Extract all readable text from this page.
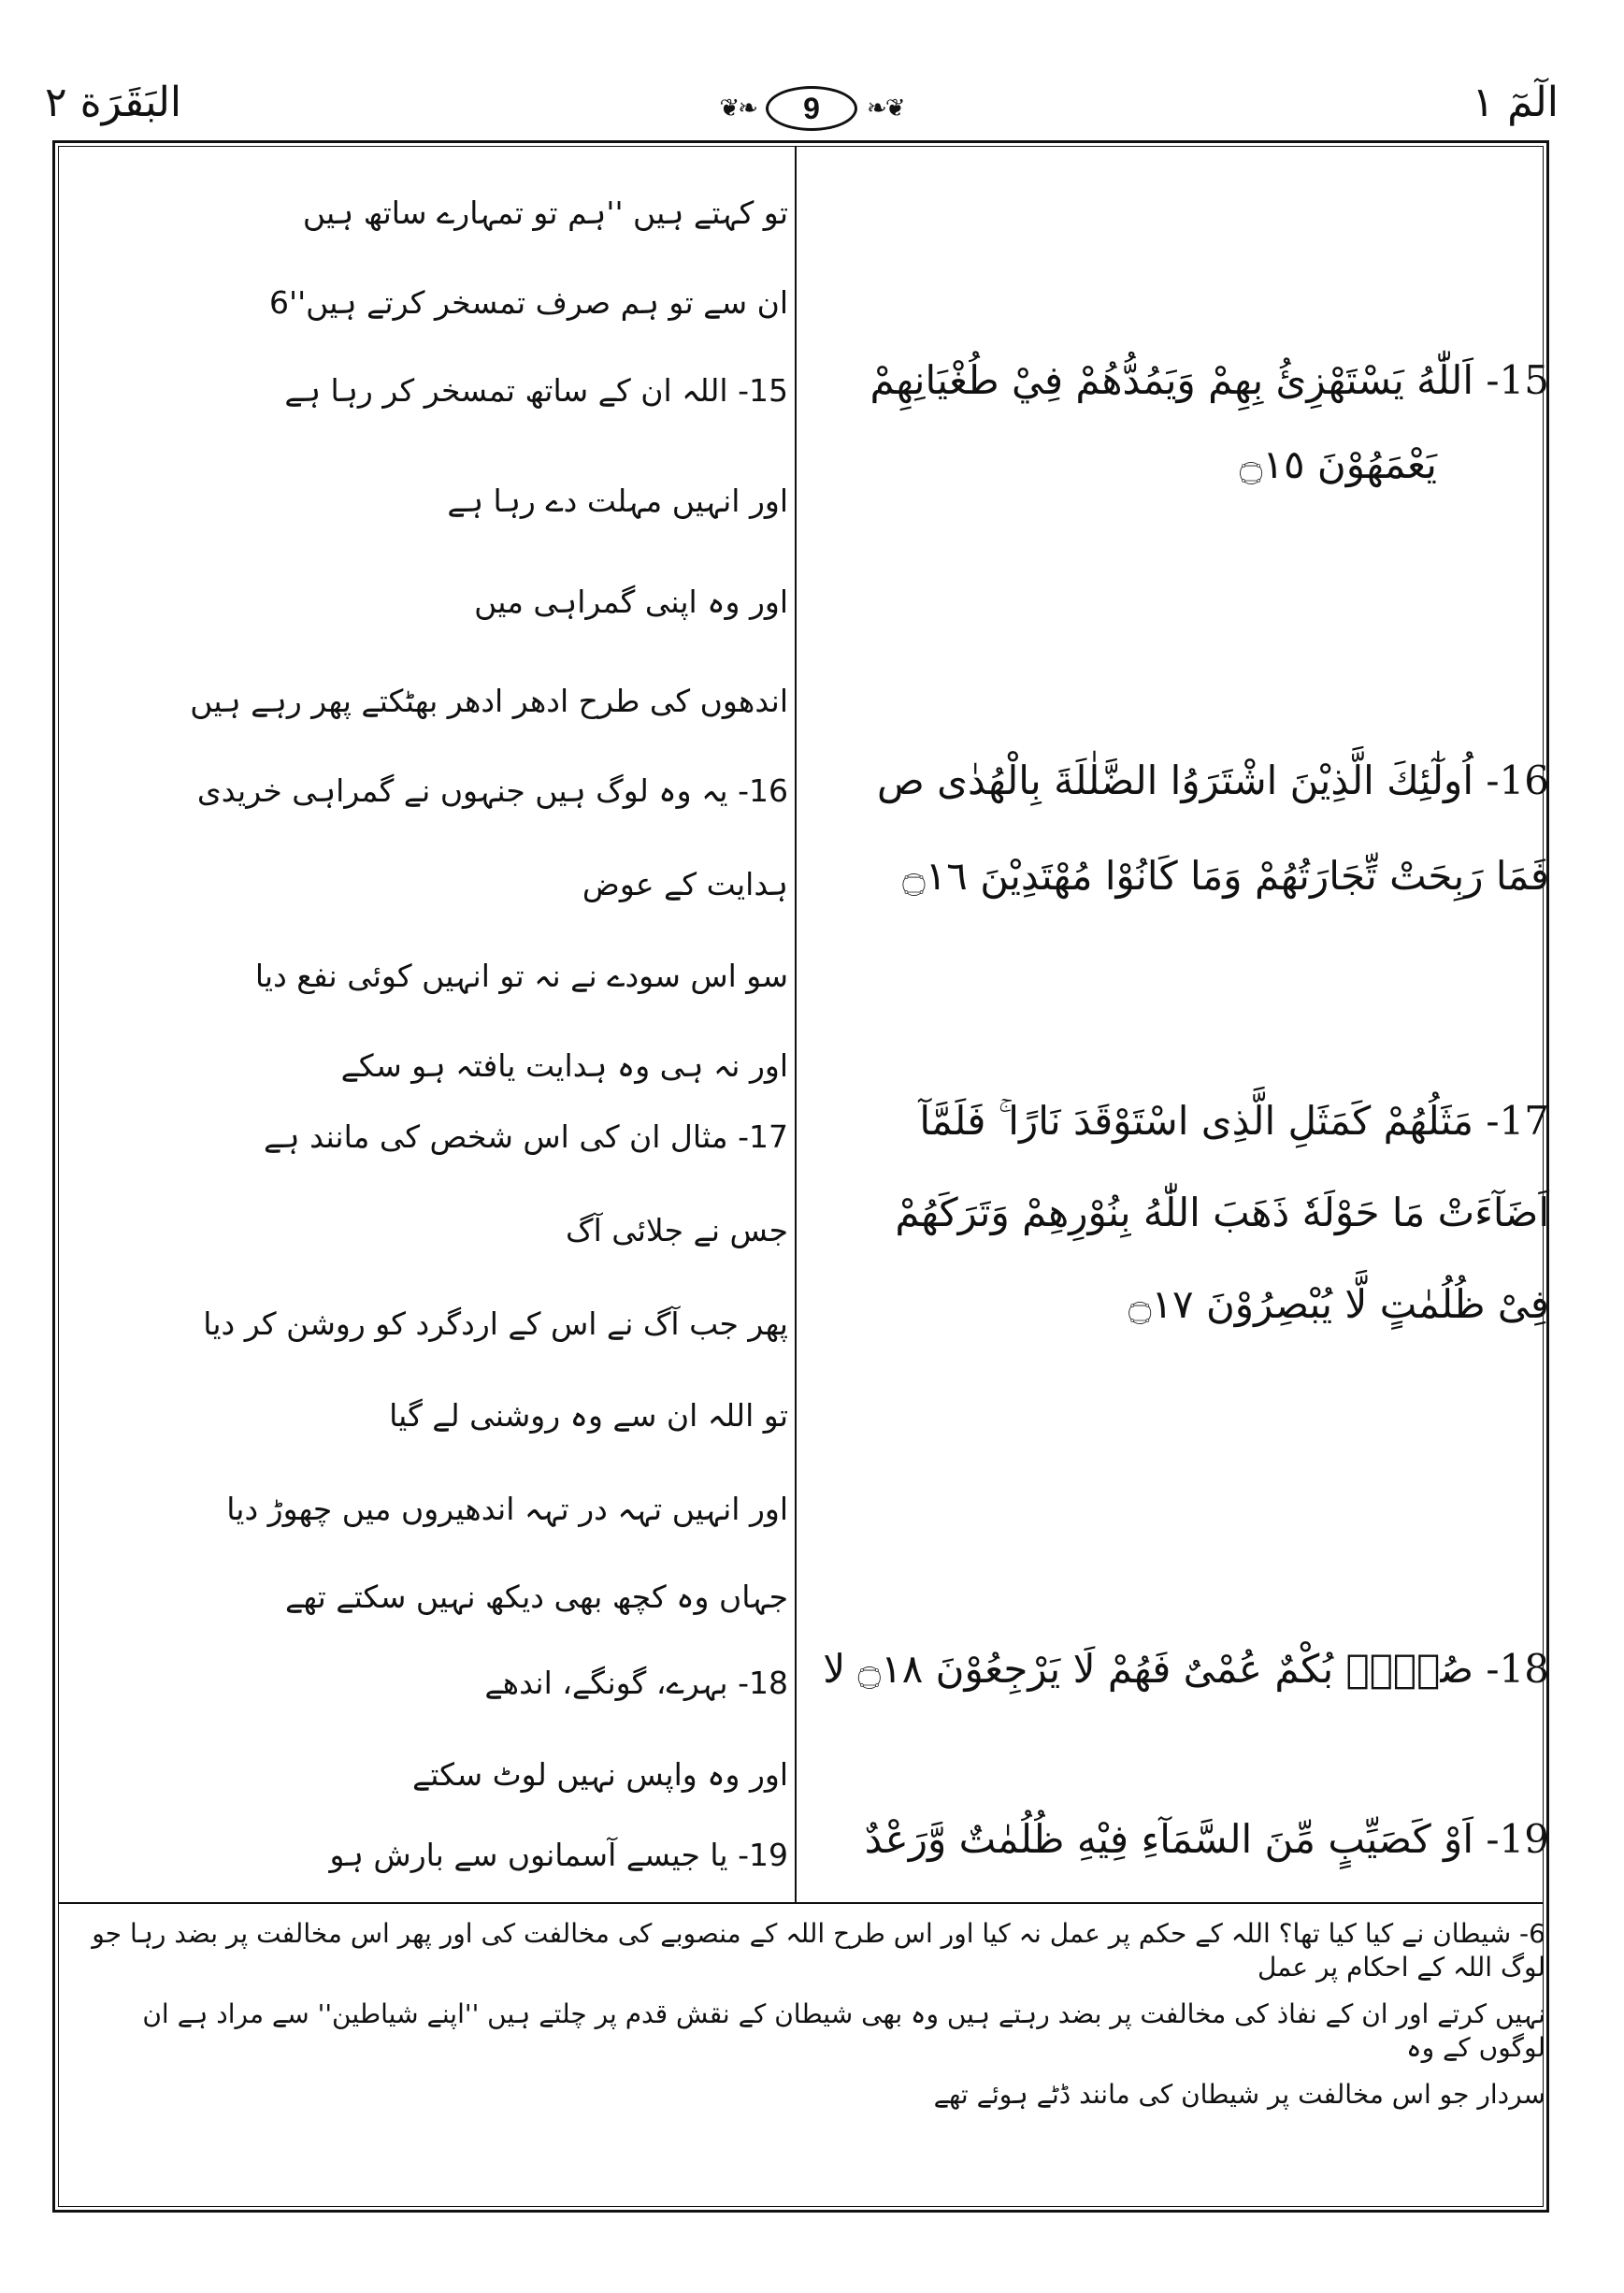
البَقَرَة ٢	❦❧	9	❧❦	الٓمٓ ١
15- اَللّٰهُ يَسْتَهْزِئُ بِهِمْ وَيَمُدُّهُمْ فِيْ طُغْيَانِهِمْ
يَعْمَهُوْنَ ۝١٥
16- اُولٰٓئِكَ الَّذِيْنَ اشْتَرَوُا الضَّلٰلَةَ بِالْهُدٰى ص
فَمَا رَبِحَتْ تِّجَارَتُهُمْ وَمَا كَانُوْا مُهْتَدِيْنَ ۝١٦
17- مَثَلُهُمْ كَمَثَلِ الَّذِى اسْتَوْقَدَ نَارًا ۚ فَلَمَّآ
اَضَآءَتْ مَا حَوْلَهٗ ذَهَبَ اللّٰهُ بِنُوْرِهِمْ وَتَرَكَهُمْ
فِىْ ظُلُمٰتٍ لَّا يُبْصِرُوْنَ ۝١٧
18- صُمٌّۢ بُكْمٌ عُمْىٌ فَهُمْ لَا يَرْجِعُوْنَ ۝١٨ لا
19- اَوْ كَصَيِّبٍ مِّنَ السَّمَآءِ فِيْهِ ظُلُمٰتٌ وَّرَعْدٌ
تو کہتے ہیں ''ہم تو تمہارے ساتھ ہیں
ان سے تو ہم صرف تمسخر کرتے ہیں''6
15- اللہ ان کے ساتھ تمسخر کر رہا ہے
اور انہیں مہلت دے رہا ہے
اور وہ اپنی گمراہی میں
اندھوں کی طرح ادھر ادھر بھٹکتے پھر رہے ہیں
16- یہ وہ لوگ ہیں جنہوں نے گمراہی خریدی
ہدایت کے عوض
سو اس سودے نے نہ تو انہیں کوئی نفع دیا
اور نہ ہی وہ ہدایت یافتہ ہو سکے
17- مثال ان کی اس شخص کی مانند ہے
جس نے جلائی آگ
پھر جب آگ نے اس کے اردگرد کو روشن کر دیا
تو اللہ ان سے وہ روشنی لے گیا
اور انہیں تہہ در تہہ اندھیروں میں چھوڑ دیا
جہاں وہ کچھ بھی دیکھ نہیں سکتے تھے
18- بہرے، گونگے، اندھے
اور وہ واپس نہیں لوٹ سکتے
19- یا جیسے آسمانوں سے بارش ہو
6- شیطان نے کیا کیا تھا؟ اللہ کے حکم پر عمل نہ کیا اور اس طرح اللہ کے منصوبے کی مخالفت کی اور پھر اس مخالفت پر بضد رہا جو لوگ اللہ کے احکام پر عمل
نہیں کرتے اور ان کے نفاذ کی مخالفت پر بضد رہتے ہیں وہ بھی شیطان کے نقش قدم پر چلتے ہیں ''اپنے شیاطین'' سے مراد ہے ان لوگوں کے وہ
سردار جو اس مخالفت پر شیطان کی مانند ڈٹے ہوئے تھے
